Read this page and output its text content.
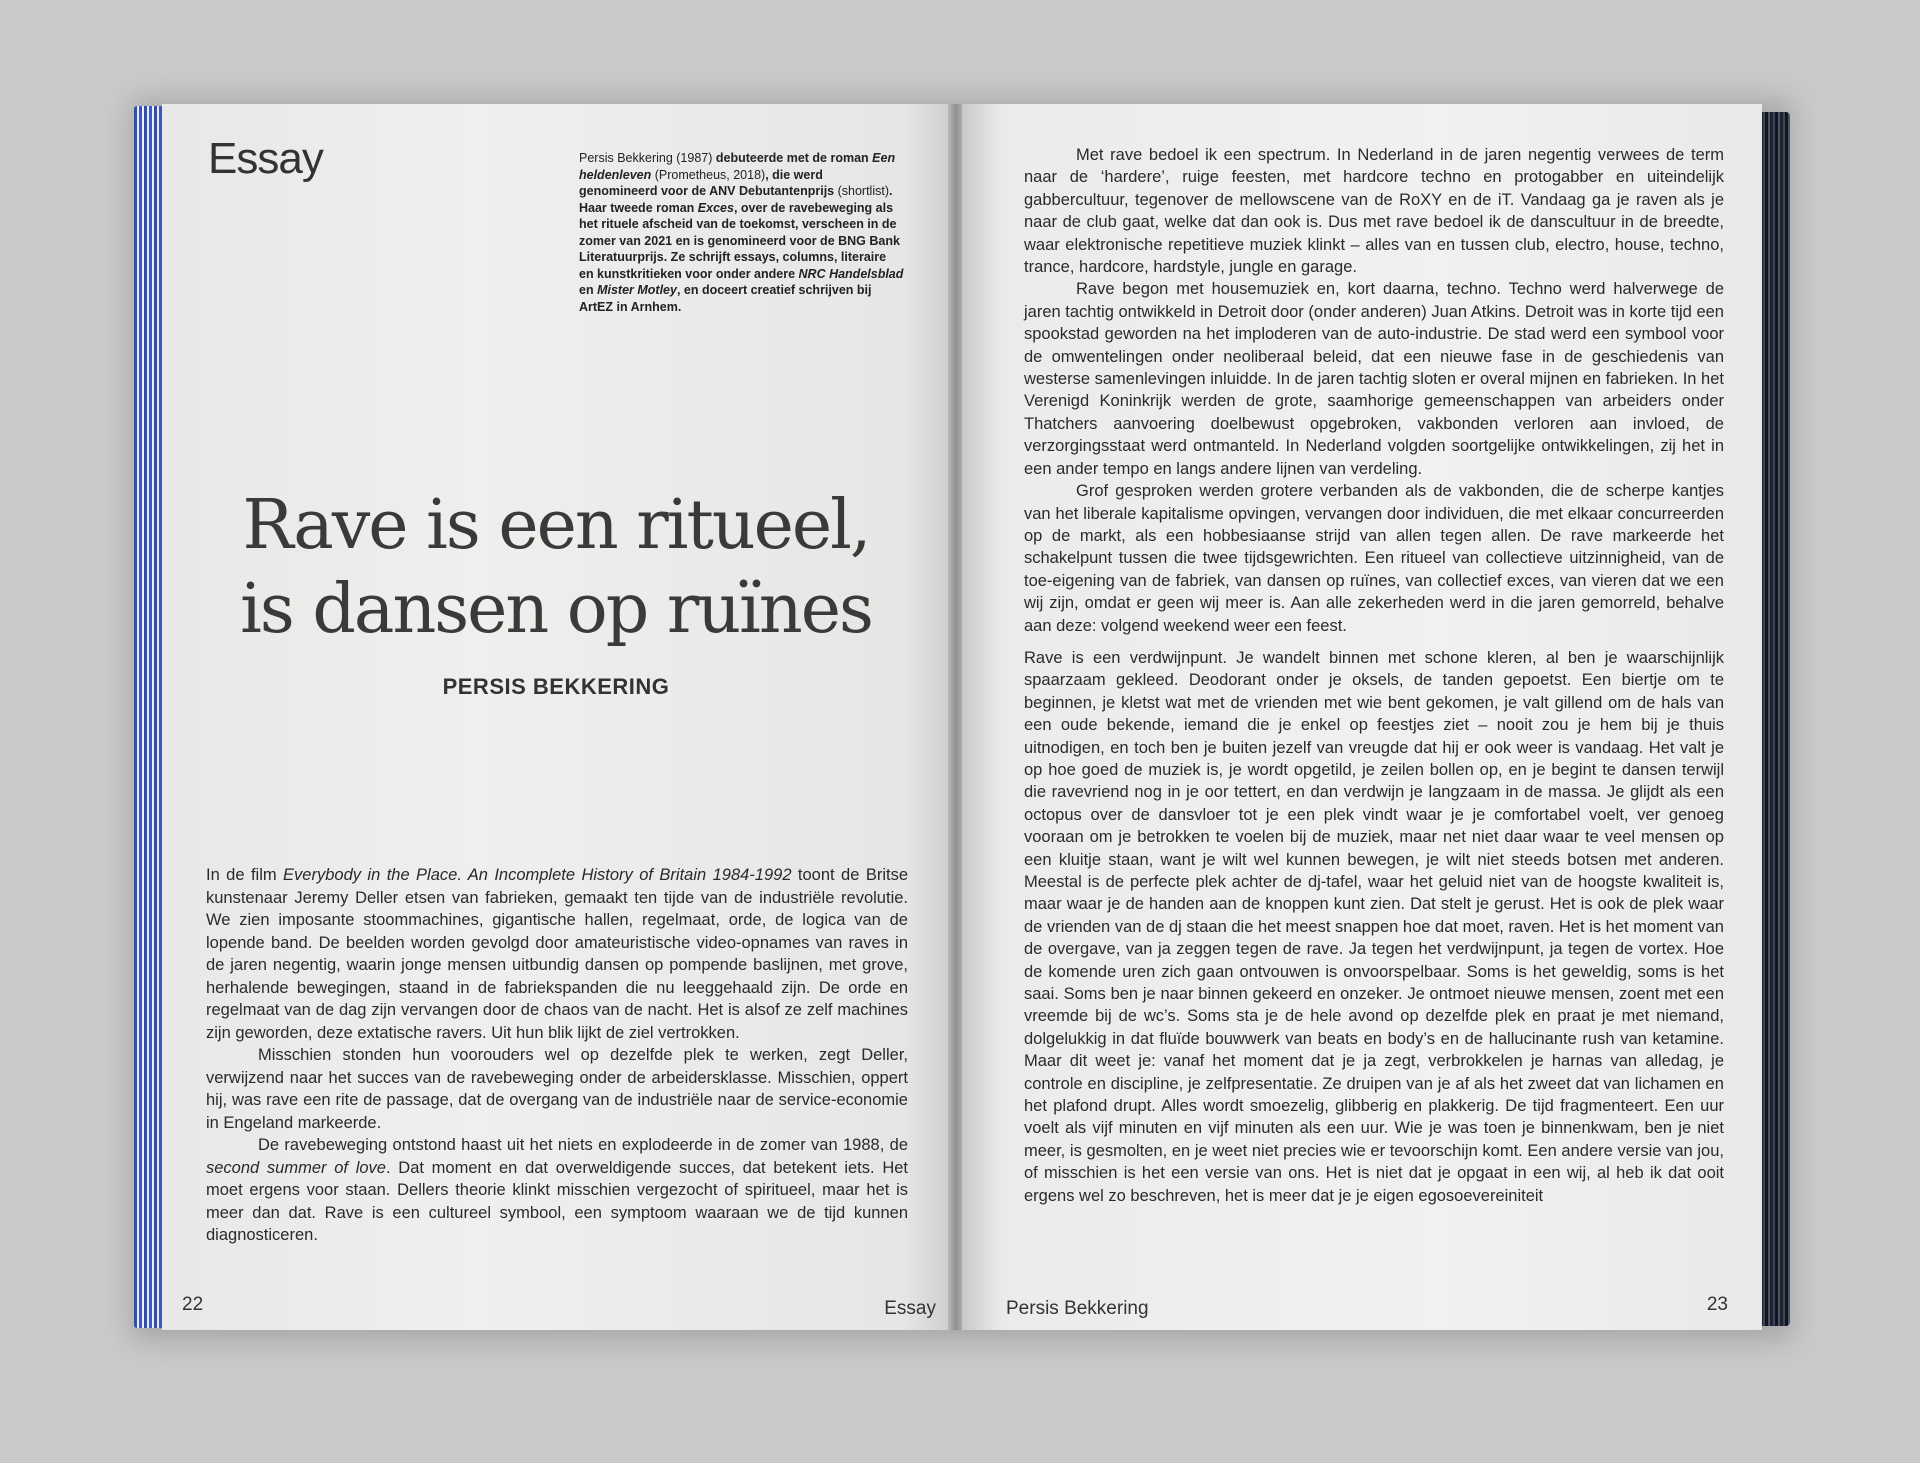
Essay	Persis Bekkering (1987) debuteerde met de roman Een heldenleven (Prometheus, 2018), die werd genomineerd voor de ANV Debutantenprijs (shortlist). Haar tweede roman Exces, over de ravebeweging als het rituele afscheid van de toekomst, verscheen in de zomer van 2021 en is genomineerd voor de BNG Bank Literatuurprijs. Ze schrijft essays, columns, literaire en kunstkritieken voor onder andere NRC Handelsblad en Mister Motley, en doceert creatief schrijven bij ArtEZ in Arnhem.

Rave is een ritueel,
is dansen op ruïnes
PERSIS BEKKERING

In de film Everybody in the Place. An Incomplete History of Britain 1984-1992 toont de Britse kunstenaar Jeremy Deller etsen van fabrieken, gemaakt ten tijde van de industriële revolutie. We zien imposante stoommachines, gigantische hallen, regelmaat, orde, de logica van de lopende band. De beelden worden gevolgd door amateuristische video-opnames van raves in de jaren negentig, waarin jonge mensen uitbundig dansen op pompende baslijnen, met grove, herhalende bewegingen, staand in de fabriekspanden die nu leeggehaald zijn. De orde en regelmaat van de dag zijn vervangen door de chaos van de nacht. Het is alsof ze zelf machines zijn geworden, deze extatische ravers. Uit hun blik lijkt de ziel vertrokken.

Misschien stonden hun voorouders wel op dezelfde plek te werken, zegt Deller, verwijzend naar het succes van de ravebeweging onder de arbeidersklasse. Misschien, oppert hij, was rave een rite de passage, dat de overgang van de industriële naar de service-economie in Engeland markeerde.

De ravebeweging ontstond haast uit het niets en explodeerde in de zomer van 1988, de second summer of love. Dat moment en dat overweldigende succes, dat betekent iets. Het moet ergens voor staan. Dellers theorie klinkt misschien vergezocht of spiritueel, maar het is meer dan dat. Rave is een cultureel symbool, een symptoom waaraan we de tijd kunnen diagnosticeren.

22	Essay

Met rave bedoel ik een spectrum. In Nederland in de jaren negentig verwees de term naar de ‘hardere’, ruige feesten, met hardcore techno en protogabber en uiteindelijk gabbercultuur, tegenover de mellowscene van de RoXY en de iT. Vandaag ga je raven als je naar de club gaat, welke dat dan ook is. Dus met rave bedoel ik de danscultuur in de breedte, waar elektronische repetitieve muziek klinkt – alles van en tussen club, electro, house, techno, trance, hardcore, hardstyle, jungle en garage.

Rave begon met housemuziek en, kort daarna, techno. Techno werd halverwege de jaren tachtig ontwikkeld in Detroit door (onder anderen) Juan Atkins. Detroit was in korte tijd een spookstad geworden na het imploderen van de auto-industrie. De stad werd een symbool voor de omwentelingen onder neoliberaal beleid, dat een nieuwe fase in de geschiedenis van westerse samenlevingen inluidde. In de jaren tachtig sloten er overal mijnen en fabrieken. In het Verenigd Koninkrijk werden de grote, saamhorige gemeenschappen van arbeiders onder Thatchers aanvoering doelbewust opgebroken, vakbonden verloren aan invloed, de verzorgingsstaat werd ontmanteld. In Nederland volgden soortgelijke ontwikkelingen, zij het in een ander tempo en langs andere lijnen van verdeling.

Grof gesproken werden grotere verbanden als de vakbonden, die de scherpe kantjes van het liberale kapitalisme opvingen, vervangen door individuen, die met elkaar concurreerden op de markt, als een hobbesiaanse strijd van allen tegen allen. De rave markeerde het schakelpunt tussen die twee tijdsgewrichten. Een ritueel van collectieve uitzinnigheid, van de toe-eigening van de fabriek, van dansen op ruïnes, van collectief exces, van vieren dat we een wij zijn, omdat er geen wij meer is. Aan alle zekerheden werd in die jaren gemorreld, behalve aan deze: volgend weekend weer een feest.

Rave is een verdwijnpunt. Je wandelt binnen met schone kleren, al ben je waarschijnlijk spaarzaam gekleed. Deodorant onder je oksels, de tanden gepoetst. Een biertje om te beginnen, je kletst wat met de vrienden met wie bent gekomen, je valt gillend om de hals van een oude bekende, iemand die je enkel op feestjes ziet – nooit zou je hem bij je thuis uitnodigen, en toch ben je buiten jezelf van vreugde dat hij er ook weer is vandaag. Het valt je op hoe goed de muziek is, je wordt opgetild, je zeilen bollen op, en je begint te dansen terwijl die ravevriend nog in je oor tettert, en dan verdwijn je langzaam in de massa. Je glijdt als een octopus over de dansvloer tot je een plek vindt waar je je comfortabel voelt, ver genoeg vooraan om je betrokken te voelen bij de muziek, maar net niet daar waar te veel mensen op een kluitje staan, want je wilt wel kunnen bewegen, je wilt niet steeds botsen met anderen. Meestal is de perfecte plek achter de dj-tafel, waar het geluid niet van de hoogste kwaliteit is, maar waar je de handen aan de knoppen kunt zien. Dat stelt je gerust. Het is ook de plek waar de vrienden van de dj staan die het meest snappen hoe dat moet, raven. Het is het moment van de overgave, van ja zeggen tegen de rave. Ja tegen het verdwijnpunt, ja tegen de vortex. Hoe de komende uren zich gaan ontvouwen is onvoorspelbaar. Soms is het geweldig, soms is het saai. Soms ben je naar binnen gekeerd en onzeker. Je ontmoet nieuwe mensen, zoent met een vreemde bij de wc’s. Soms sta je de hele avond op dezelfde plek en praat je met niemand, dolgelukkig in dat fluïde bouwwerk van beats en body’s en de hallucinante rush van ketamine. Maar dit weet je: vanaf het moment dat je ja zegt, verbrokkelen je harnas van alledag, je controle en discipline, je zelfpresentatie. Ze druipen van je af als het zweet dat van lichamen en het plafond drupt. Alles wordt smoezelig, glibberig en plakkerig. De tijd fragmenteert. Een uur voelt als vijf minuten en vijf minuten als een uur. Wie je was toen je binnenkwam, ben je niet meer, is gesmolten, en je weet niet precies wie er tevoorschijn komt. Een andere versie van jou, of misschien is het een versie van ons. Het is niet dat je opgaat in een wij, al heb ik dat ooit ergens wel zo beschreven, het is meer dat je je eigen egosoevereiniteit

Persis Bekkering	23
